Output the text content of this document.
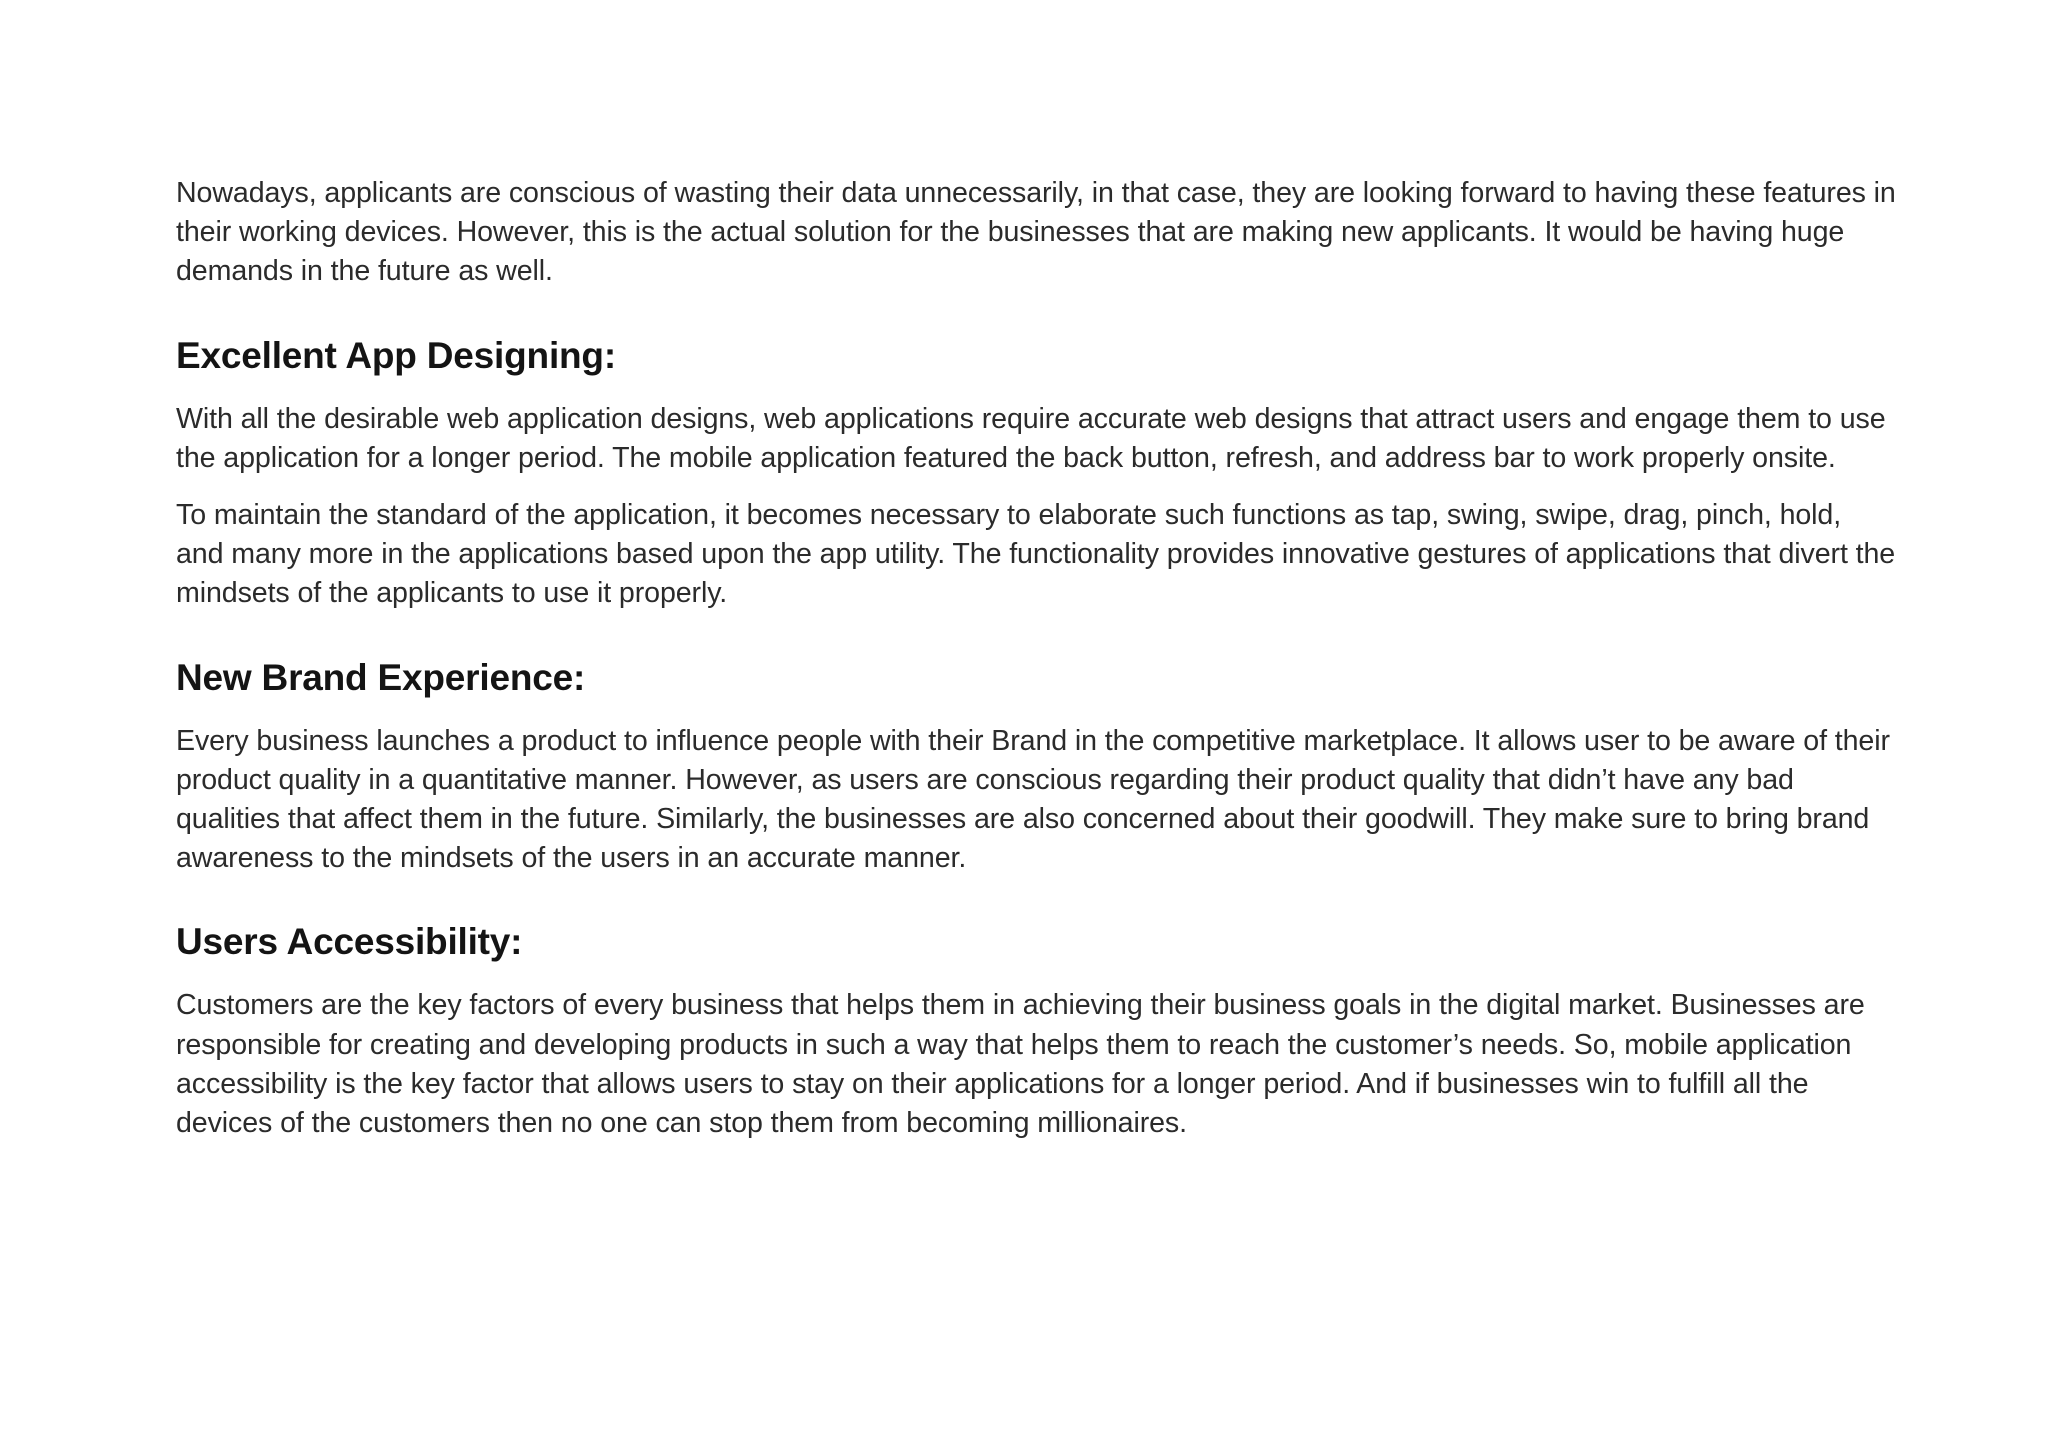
Nowadays, applicants are conscious of wasting their data unnecessarily, in that case, they are looking forward to having these features in their working devices. However, this is the actual solution for the businesses that are making new applicants. It would be having huge demands in the future as well.

Excellent App Designing:

With all the desirable web application designs, web applications require accurate web designs that attract users and engage them to use the application for a longer period. The mobile application featured the back button, refresh, and address bar to work properly onsite.

To maintain the standard of the application, it becomes necessary to elaborate such functions as tap, swing, swipe, drag, pinch, hold, and many more in the applications based upon the app utility. The functionality provides innovative gestures of applications that divert the mindsets of the applicants to use it properly.

New Brand Experience:

Every business launches a product to influence people with their Brand in the competitive marketplace. It allows user to be aware of their product quality in a quantitative manner. However, as users are conscious regarding their product quality that didn’t have any bad qualities that affect them in the future. Similarly, the businesses are also concerned about their goodwill. They make sure to bring brand awareness to the mindsets of the users in an accurate manner.

Users Accessibility:

Customers are the key factors of every business that helps them in achieving their business goals in the digital market. Businesses are responsible for creating and developing products in such a way that helps them to reach the customer’s needs. So, mobile application accessibility is the key factor that allows users to stay on their applications for a longer period. And if businesses win to fulfill all the devices of the customers then no one can stop them from becoming millionaires.
